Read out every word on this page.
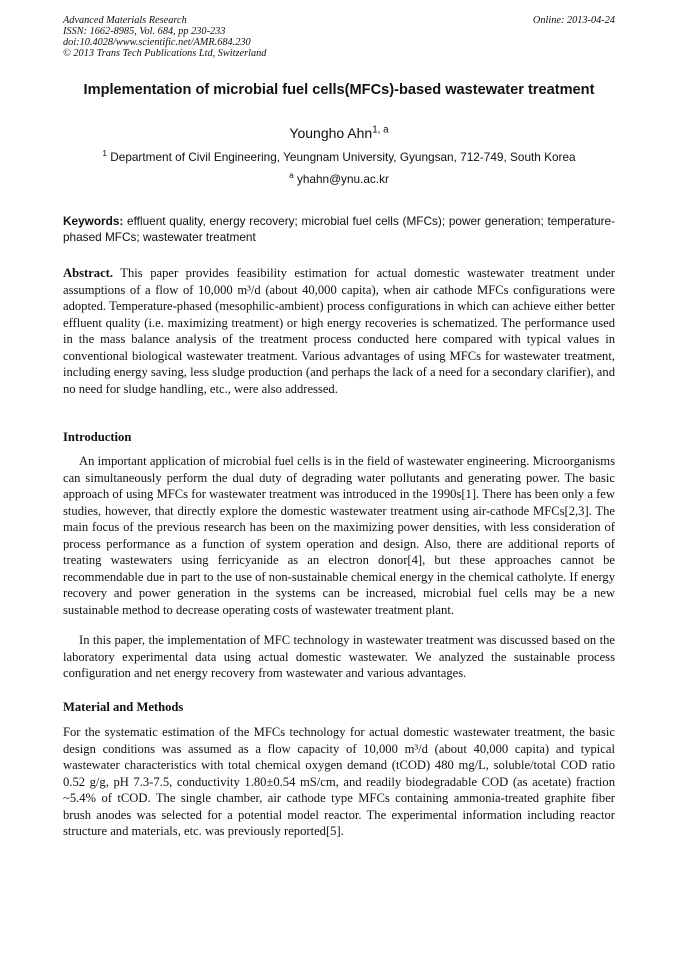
Advanced Materials Research
ISSN: 1662-8985, Vol. 684, pp 230-233
doi:10.4028/www.scientific.net/AMR.684.230
© 2013 Trans Tech Publications Ltd, Switzerland
Online: 2013-04-24
Implementation of microbial fuel cells(MFCs)-based wastewater treatment
Youngho Ahn$^{1, a}$
$^1$ Department of Civil Engineering, Yeungnam University, Gyungsan, 712-749, South Korea
$^a$ yhahn@ynu.ac.kr
Keywords: effluent quality, energy recovery; microbial fuel cells (MFCs); power generation; temperature-phased MFCs; wastewater treatment

Abstract. This paper provides feasibility estimation for actual domestic wastewater treatment under assumptions of a flow of 10,000 m³/d (about 40,000 capita), when air cathode MFCs configurations were adopted. Temperature-phased (mesophilic-ambient) process configurations in which can achieve either better effluent quality (i.e. maximizing treatment) or high energy recoveries is schematized. The performance used in the mass balance analysis of the treatment process conducted here compared with typical values in conventional biological wastewater treatment. Various advantages of using MFCs for wastewater treatment, including energy saving, less sludge production (and perhaps the lack of a need for a secondary clarifier), and no need for sludge handling, etc., were also addressed.

Introduction

An important application of microbial fuel cells is in the field of wastewater engineering. Microorganisms can simultaneously perform the dual duty of degrading water pollutants and generating power. The basic approach of using MFCs for wastewater treatment was introduced in the 1990s[1]. There has been only a few studies, however, that directly explore the domestic wastewater treatment using air-cathode MFCs[2,3]. The main focus of the previous research has been on the maximizing power densities, with less consideration of process performance as a function of system operation and design. Also, there are additional reports of treating wastewaters using ferricyanide as an electron donor[4], but these approaches cannot be recommendable due in part to the use of non-sustainable chemical energy in the chemical catholyte. If energy recovery and power generation in the systems can be increased, microbial fuel cells may be a new sustainable method to decrease operating costs of wastewater treatment plant.

In this paper, the implementation of MFC technology in wastewater treatment was discussed based on the laboratory experimental data using actual domestic wastewater. We analyzed the sustainable process configuration and net energy recovery from wastewater and various advantages.

Material and Methods

For the systematic estimation of the MFCs technology for actual domestic wastewater treatment, the basic design conditions was assumed as a flow capacity of 10,000 m³/d (about 40,000 capita) and typical wastewater characteristics with total chemical oxygen demand (tCOD) 480 mg/L, soluble/total COD ratio 0.52 g/g, pH 7.3-7.5, conductivity 1.80±0.54 mS/cm, and readily biodegradable COD (as acetate) fraction ~5.4% of tCOD. The single chamber, air cathode type MFCs containing ammonia-treated graphite fiber brush anodes was selected for a potential model reactor. The experimental information including reactor structure and materials, etc. was previously reported[5].
